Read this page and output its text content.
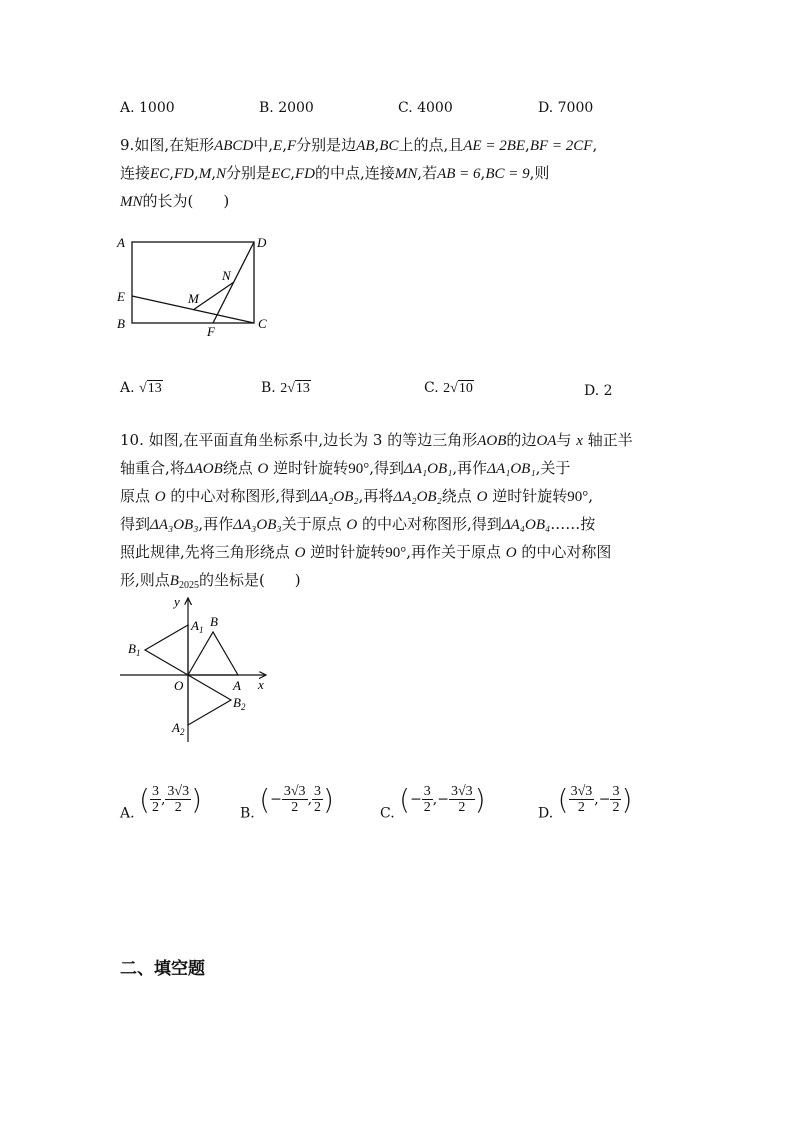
A. 1000	B. 2000	C. 4000	D. 7000
9.如图,在矩形ABCD中,E,F分别是边AB,BC上的点,且AE = 2BE,BF = 2CF,
连接EC,FD,M,N分别是EC,FD的中点,连接MN,若AB = 6,BC = 9,则
MN的长为(　　)
A	D
E
B	C
F
M
N
A. √13	B. 2√13	C. 2√10	D. 2
10. 如图,在平面直角坐标系中,边长为 3 的等边三角形AOB的边OA与 x 轴正半
轴重合,将ΔAOB绕点 O 逆时针旋转90°,得到ΔA₁OB₁,再作ΔA₁OB₁,关于
原点 O 的中心对称图形,得到ΔA₂OB₂,再将ΔA₂OB₂绕点 O 逆时针旋转90°,
得到ΔA₃OB₃,再作ΔA₃OB₃关于原点 O 的中心对称图形,得到ΔA₄OB₄……按
照此规律,先将三角形绕点 O 逆时针旋转90°,再作关于原点 O 的中心对称图
形,则点$B_{2025}$的坐标是(　　)
y
x
O	A
B
$A_1$
$B_1$
$A_2$
$B_2$
A. ( $\frac{3}{2}$ , $\frac{3√3}{2}$ )	B. (− $\frac{3√3}{2}$ , $\frac{3}{2}$ )	C. (− $\frac{3}{2}$ ,− $\frac{3√3}{2}$ )	D. ( $\frac{3√3}{2}$ ,− $\frac{3}{2}$ )
二、填空题
